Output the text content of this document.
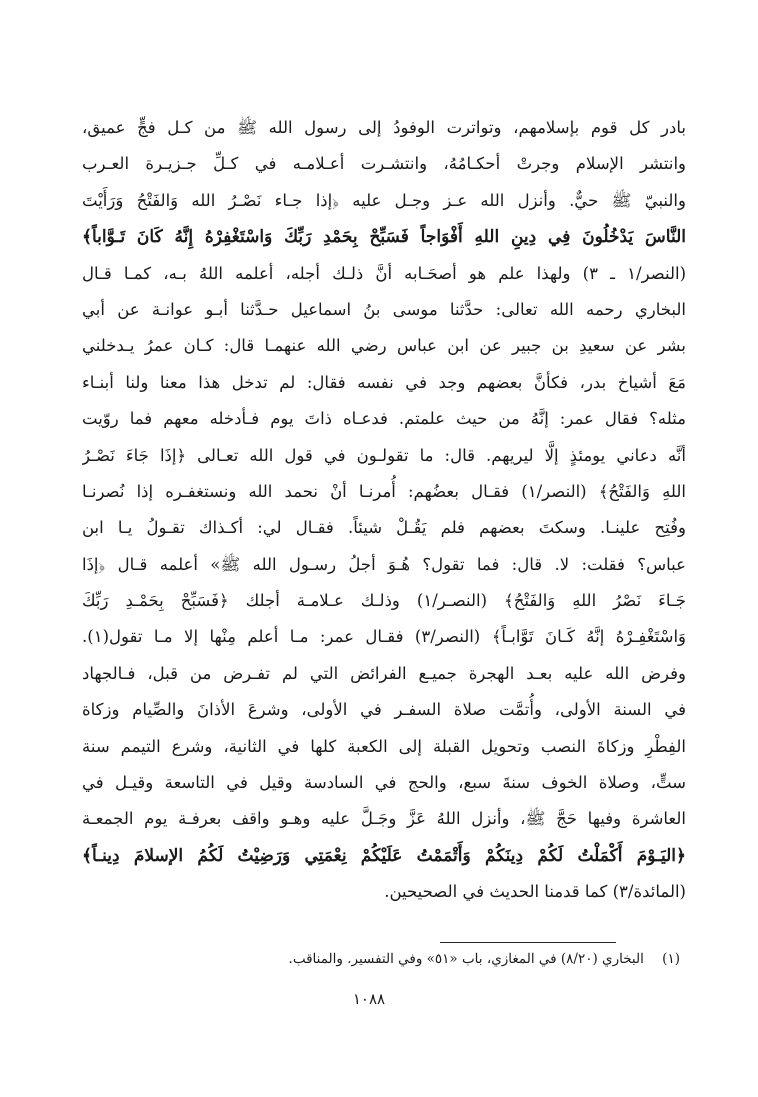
بادر كل قوم بإسلامهم، وتواترت الوفودُ إلى رسول الله ﷺ من كـل فجٍّ عميق،
وانتشر الإسلام وجرتْ أحكـامُهُ، وانتشـرت أعـلامـه في كـلِّ جـزيـرة العـرب
والنبيّ ﷺ حيٌّ. وأنزل الله عـز وجـل عليه ﴿إذا جـاء نَصْـرُ الله وَالفَتْحُ وَرَأَيْتَ
النَّاسَ يَدْخُلُونَ فِي دِينِ اللهِ أَفْوَاجاً فَسَبِّحْ بِحَمْدِ رَبِّكَ وَاسْتَغْفِرْهُ إِنَّهُ كَانَ تَـوَّاباً﴾
(النصر/١ ـ ٣) ولهذا علم هو أصحَـابه أنَّ ذلـك أجله، أعلمه اللهُ بـه، كمـا قـال
البخاري رحمه الله تعالى: حدَّثنا موسى بنُ اسماعيل حـدَّثنا أبـو عوانـة عن أبي
بشر عن سعيدِ بن جبير عن ابن عباس رضي الله عنهمـا قال: كـان عمرُ يـدخلني
مَعَ أشياخ بدر، فكأنَّ بعضهم وجد في نفسه فقال: لم تدخل هذا معنا ولنا أبنـاء
مثله؟ فقال عمر: إنَّهُ من حيث علمتم. فدعـاه ذاتَ يوم فـأدخله معهم فما روّيت
أنَّه دعاني يومئذٍ إلَّا ليريهم. قال: ما تقولـون في قول الله تعـالى ﴿إذَا جَاءَ نَصْـرُ
اللهِ وَالفَتْحُ﴾ (النصر/١) فقـال بعضُهم: أُمرنـا أنْ نحمد الله ونستغفـره إذا نُصرنـا
وفُتِح علينـا. وسكتَ بعضهم فلم يَقُـلْ شيئاً. فقـال لي: أكـذاك تقـولُ يـا ابن
عباس؟ فقلت: لا. قال: فما تقول؟ هُـوَ أجلُ رسـول الله ﷺ» أعلمه قـال ﴿إذَا
جَـاءَ نَصْرُ اللهِ وَالفَتْحُ﴾ (النصـر/١) وذلـك عـلامـة أجلك ﴿فَسَبِّحْ بِحَمْـدِ رَبِّكَ
وَاسْتَغْفِـرْهُ إنَّهُ كَـانَ تَوَّابـاً﴾ (النصر/٣) فقـال عمر: مـا أعلم مِنْها إلا مـا تقول(١).
وفرض الله عليه بعـد الهجرة جميـع الفرائض التي لم تفـرض من قبل، فـالجهاد
في السنة الأولى، وأُتمَّت صلاة السفـر في الأولى، وشرعَ الأذانَ والصِّيام وزكاة
الفِطْرِ وزكاةَ النصب وتحويل القبلة إلى الكعبة كلها في الثانية، وشرع التيمم سنة
ستٍّ، وصلاة الخوف سنةَ سبع، والحج في السادسة وقيل في التاسعة وقيـل في
العاشرة وفيها حَجَّ ﷺ، وأنزل اللهُ عَزَّ وجَـلَّ عليه وهـو واقف بعرفـة يوم الجمعـة
﴿اليَـوْمَ أَكْمَلْتُ لَكُمْ دِينَكُمْ وَأَتْمَمْتُ عَلَيْكُمْ نِعْمَتِي وَرَضِيْتُ لَكُمُ الإسلامَ دِينـاً﴾
(المائدة/٣) كما قدمنا الحديث في الصحيحين.
(١) البخاري (٨/٢٠) في المغازي، باب «٥١» وفي التفسير. والمناقب.
١٠٨٨
